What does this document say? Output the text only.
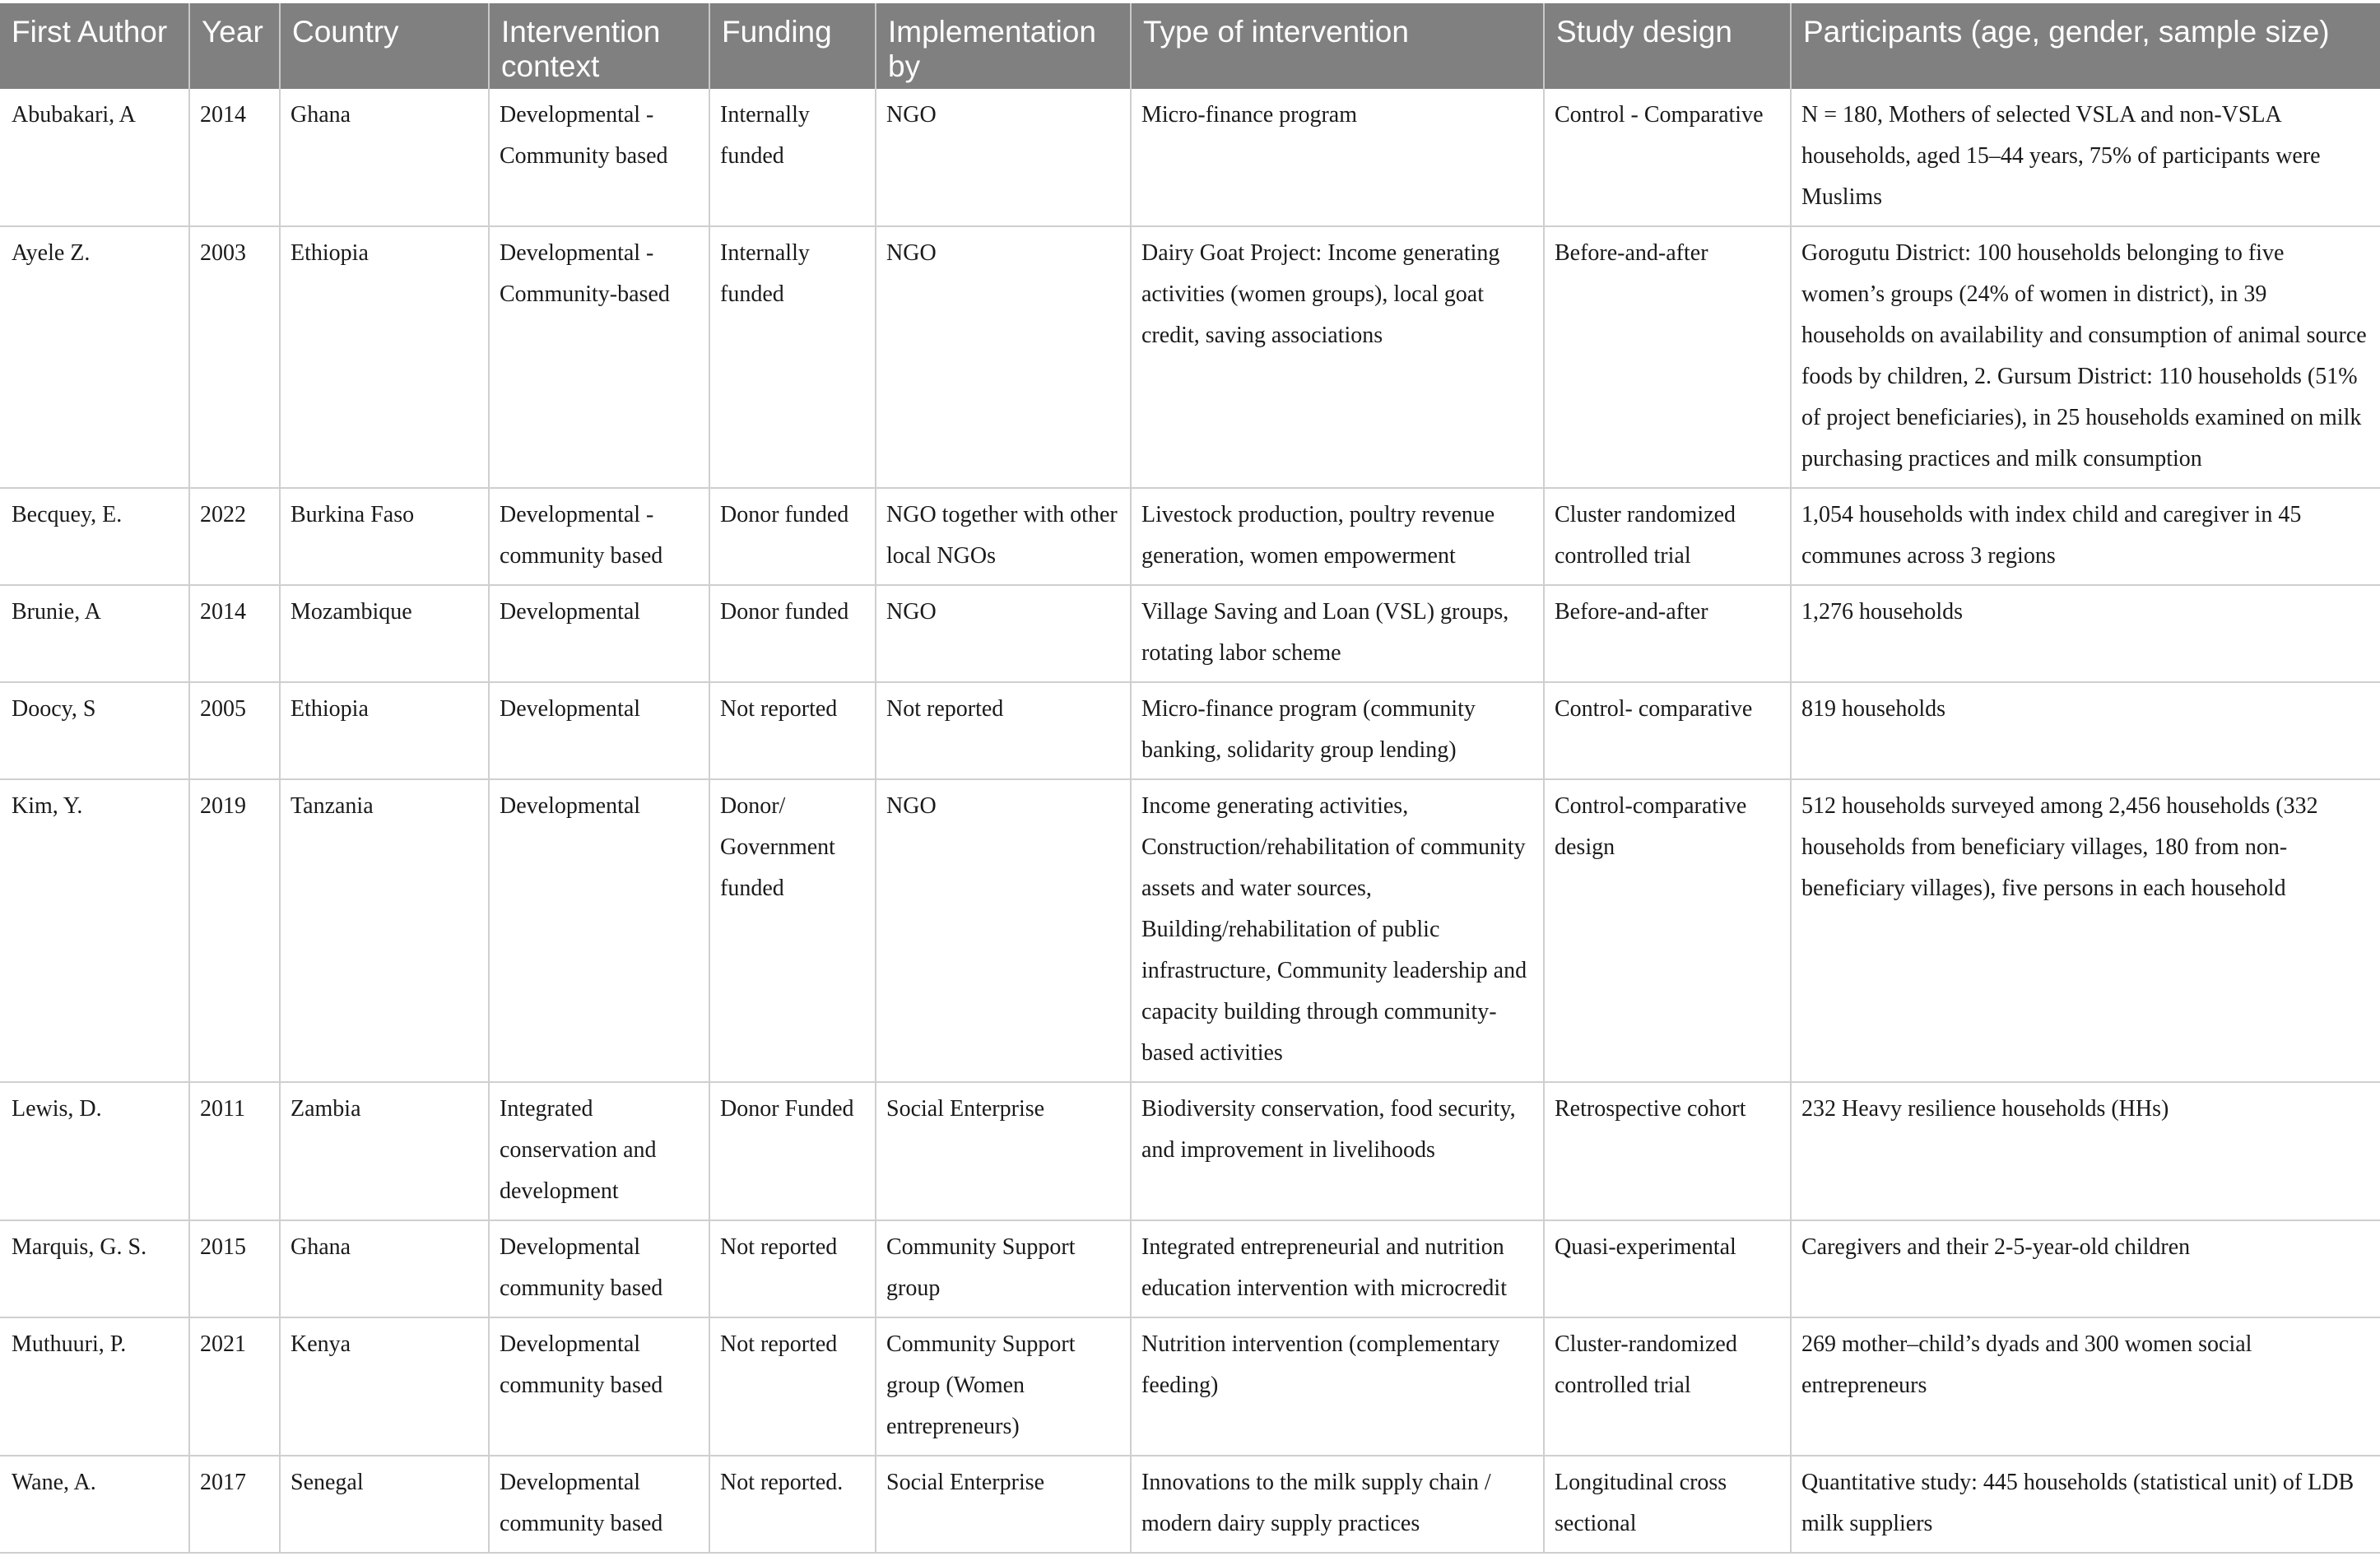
First Author	Year	Country	Intervention context	Funding	Implementation by	Type of intervention	Study design	Participants (age, gender, sample size)
Abubakari, A	2014	Ghana	Developmental - Community based	Internally funded	NGO	Micro-finance program	Control - Comparative	N = 180, Mothers of selected VSLA and non-VSLA households, aged 15–44 years, 75% of participants were Muslims
Ayele Z.	2003	Ethiopia	Developmental - Community-based	Internally funded	NGO	Dairy Goat Project: Income generating activities (women groups), local goat credit, saving associations	Before-and-after	Gorogutu District: 100 households belonging to five women’s groups (24% of women in district), in 39 households on availability and consumption of animal source foods by children, 2. Gursum District: 110 households (51% of project beneficiaries), in 25 households examined on milk purchasing practices and milk consumption
Becquey, E.	2022	Burkina Faso	Developmental - community based	Donor funded	NGO together with other local NGOs	Livestock production, poultry revenue generation, women empowerment	Cluster randomized controlled trial	1,054 households with index child and caregiver in 45 communes across 3 regions
Brunie, A	2014	Mozambique	Developmental	Donor funded	NGO	Village Saving and Loan (VSL) groups, rotating labor scheme	Before-and-after	1,276 households
Doocy, S	2005	Ethiopia	Developmental	Not reported	Not reported	Micro-finance program (community banking, solidarity group lending)	Control- comparative	819 households
Kim, Y.	2019	Tanzania	Developmental	Donor/ Government funded	NGO	Income generating activities, Construction/rehabilitation of community assets and water sources, Building/rehabilitation of public infrastructure, Community leadership and capacity building through community-based activities	Control-comparative design	512 households surveyed among 2,456 households (332 households from beneficiary villages, 180 from non-beneficiary villages), five persons in each household
Lewis, D.	2011	Zambia	Integrated conservation and development	Donor Funded	Social Enterprise	Biodiversity conservation, food security, and improvement in livelihoods	Retrospective cohort	232 Heavy resilience households (HHs)
Marquis, G. S.	2015	Ghana	Developmental community based	Not reported	Community Support group	Integrated entrepreneurial and nutrition education intervention with microcredit	Quasi-experimental	Caregivers and their 2-5-year-old children
Muthuuri, P.	2021	Kenya	Developmental community based	Not reported	Community Support group (Women entrepreneurs)	Nutrition intervention (complementary feeding)	Cluster-randomized controlled trial	269 mother–child’s dyads and 300 women social entrepreneurs
Wane, A.	2017	Senegal	Developmental community based	Not reported.	Social Enterprise	Innovations to the milk supply chain / modern dairy supply practices	Longitudinal cross sectional	Quantitative study: 445 households (statistical unit) of LDB milk suppliers
